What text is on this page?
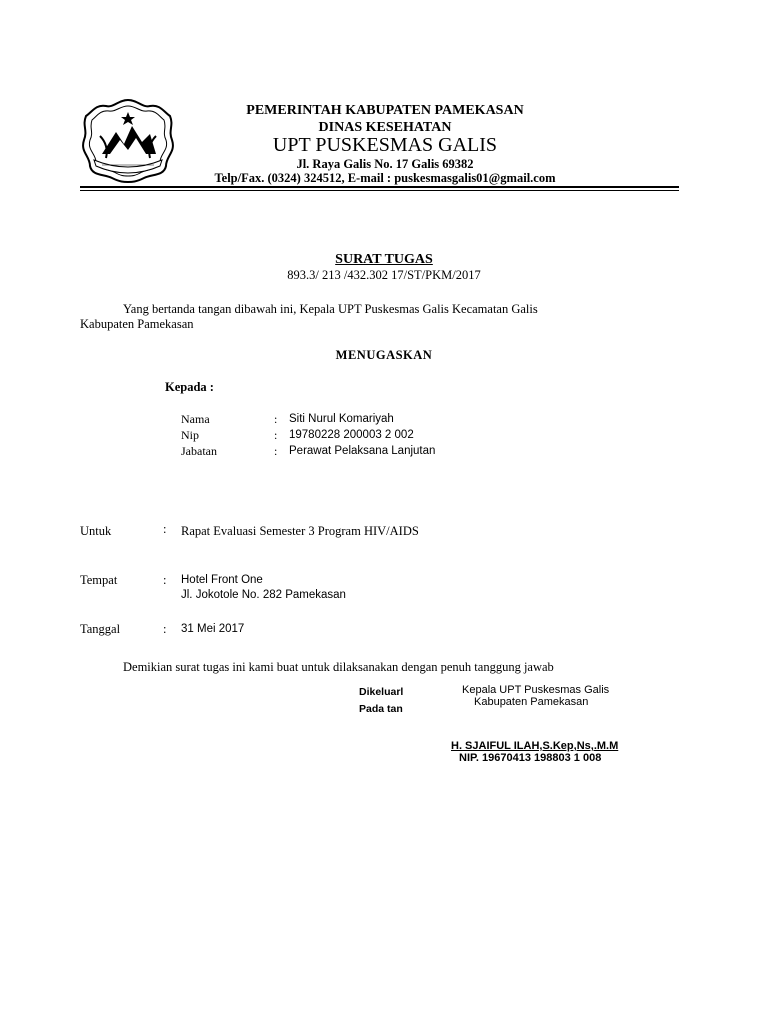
PEMERINTAH KABUPATEN PAMEKASAN
DINAS KESEHATAN
UPT PUSKESMAS GALIS
Jl. Raya Galis No. 17 Galis 69382
Telp/Fax. (0324) 324512, E-mail : puskesmasgalis01@gmail.com
SURAT TUGAS
893.3/ 213 /432.302 17/ST/PKM/2017
Yang bertanda tangan dibawah ini, Kepala UPT Puskesmas Galis Kecamatan Galis
Kabupaten Pamekasan
MENUGASKAN
Kepada :
Nama	: Siti Nurul Komariyah
Nip	: 19780228 200003 2 002
Jabatan	: Perawat Pelaksana Lanjutan
Untuk	: Rapat Evaluasi Semester 3 Program HIV/AIDS
Tempat	: Hotel Front One
Jl. Jokotole No. 282 Pamekasan
Tanggal	: 31 Mei 2017
Demikian surat tugas ini kami buat untuk dilaksanakan dengan penuh tanggung jawab
Dikeluarl
Pada tan
Kepala UPT Puskesmas Galis
Kabupaten Pamekasan
H. SJAIFUL ILAH,S.Kep,Ns,.M.M
NIP. 19670413 198803 1 008
